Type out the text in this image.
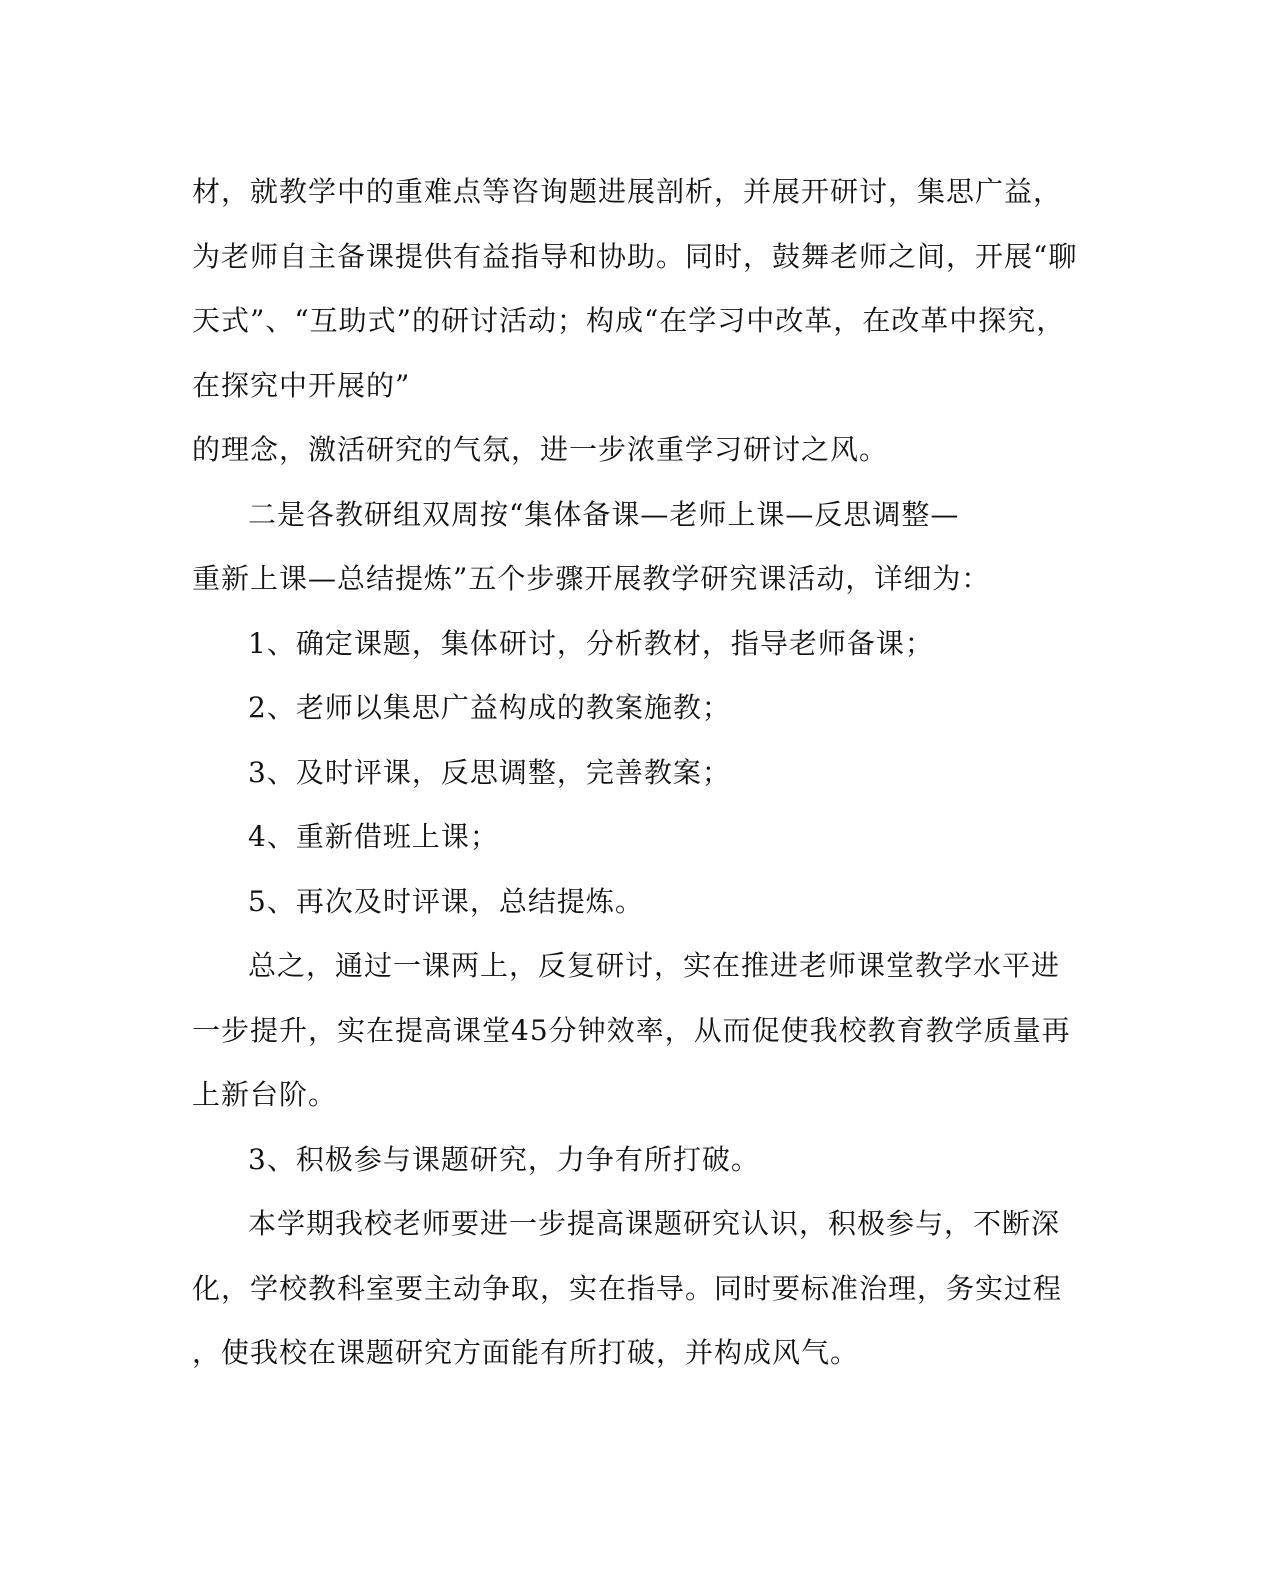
材，就教学中的重难点等咨询题进展剖析，并展开研讨，集思广益，
为老师自主备课提供有益指导和协助。同时，鼓舞老师之间，开展“聊
天式”、“互助式”的研讨活动；构成“在学习中改革，在改革中探究，
在探究中开展的”
的理念，激活研究的气氛，进一步浓重学习研讨之风。
二是各教研组双周按“集体备课—老师上课—反思调整—
重新上课—总结提炼”五个步骤开展教学研究课活动，详细为：
1、确定课题，集体研讨，分析教材，指导老师备课；
2、老师以集思广益构成的教案施教；
3、及时评课，反思调整，完善教案；
4、重新借班上课；
5、再次及时评课，总结提炼。
总之，通过一课两上，反复研讨，实在推进老师课堂教学水平进
一步提升，实在提高课堂45分钟效率，从而促使我校教育教学质量再
上新台阶。
3、积极参与课题研究，力争有所打破。
本学期我校老师要进一步提高课题研究认识，积极参与，不断深
化，学校教科室要主动争取，实在指导。同时要标准治理，务实过程
，使我校在课题研究方面能有所打破，并构成风气。
